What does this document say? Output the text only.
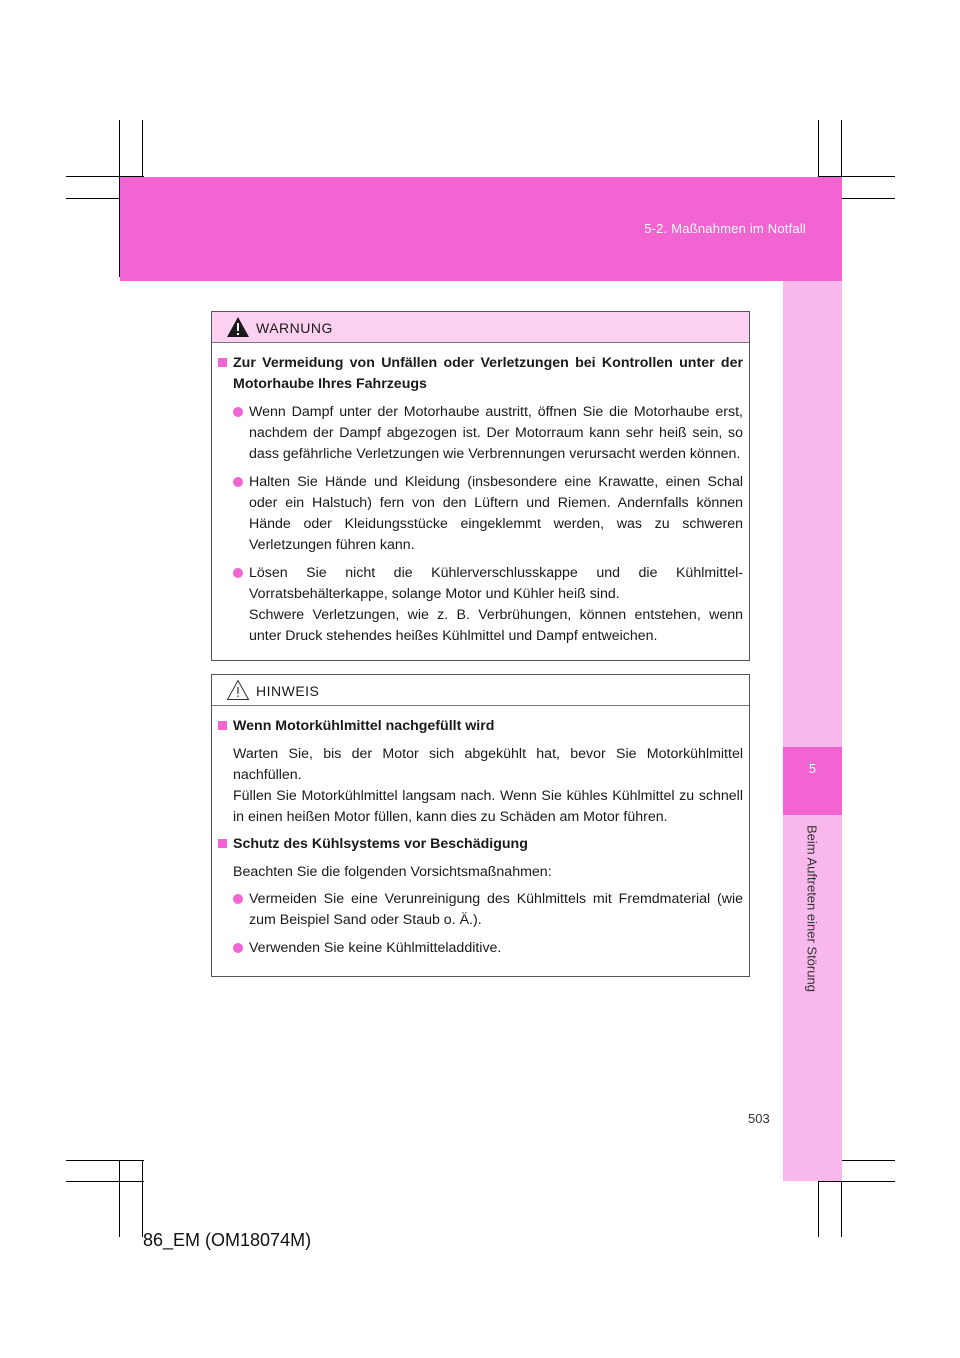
5-2. Maßnahmen im Notfall
5
Beim Auftreten einer Störung
WARNUNG
Zur Vermeidung von Unfällen oder Verletzungen bei Kontrollen unter der Motorhaube Ihres Fahrzeugs
Wenn Dampf unter der Motorhaube austritt, öffnen Sie die Motorhaube erst, nachdem der Dampf abgezogen ist. Der Motorraum kann sehr heiß sein, so dass gefährliche Verletzungen wie Verbrennungen verursacht werden können.
Halten Sie Hände und Kleidung (insbesondere eine Krawatte, einen Schal oder ein Halstuch) fern von den Lüftern und Riemen. Andernfalls können Hände oder Kleidungsstücke eingeklemmt werden, was zu schweren Verletzungen führen kann.
Lösen Sie nicht die Kühlerverschlusskappe und die Kühlmittel-Vorratsbehälterkappe, solange Motor und Kühler heiß sind.
Schwere Verletzungen, wie z. B. Verbrühungen, können entstehen, wenn unter Druck stehendes heißes Kühlmittel und Dampf entweichen.
HINWEIS
Wenn Motorkühlmittel nachgefüllt wird
Warten Sie, bis der Motor sich abgekühlt hat, bevor Sie Motorkühlmittel nachfüllen.
Füllen Sie Motorkühlmittel langsam nach. Wenn Sie kühles Kühlmittel zu schnell in einen heißen Motor füllen, kann dies zu Schäden am Motor führen.
Schutz des Kühlsystems vor Beschädigung
Beachten Sie die folgenden Vorsichtsmaßnahmen:
Vermeiden Sie eine Verunreinigung des Kühlmittels mit Fremdmaterial (wie zum Beispiel Sand oder Staub o. Ä.).
Verwenden Sie keine Kühlmitteladditive.
503
86_EM (OM18074M)
